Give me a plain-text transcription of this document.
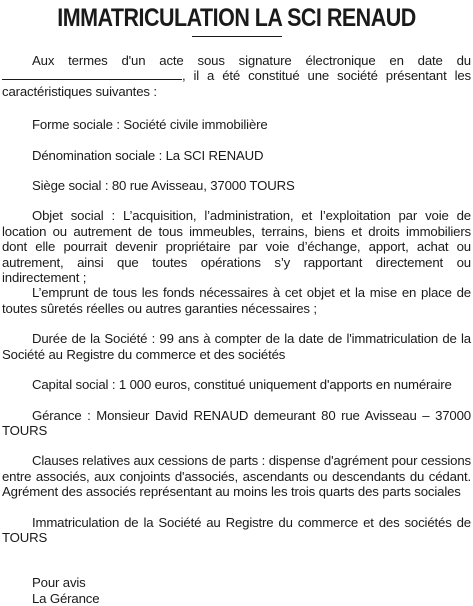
IMMATRICULATION LA SCI RENAUD

Aux termes d'un acte sous signature électronique en date du , il a été constitué une société présentant les caractéristiques suivantes :

Forme sociale : Société civile immobilière

Dénomination sociale : La SCI RENAUD

Siège social : 80 rue Avisseau, 37000 TOURS

Objet social : L’acquisition, l’administration, et l’exploitation par voie de location ou autrement de tous immeubles, terrains, biens et droits immobiliers dont elle pourrait devenir propriétaire par voie d’échange, apport, achat ou autrement, ainsi que toutes opérations s’y rapportant directement ou indirectement ;

L’emprunt de tous les fonds nécessaires à cet objet et la mise en place de toutes sûretés réelles ou autres garanties nécessaires ;

Durée de la Société : 99 ans à compter de la date de l'immatriculation de la Société au Registre du commerce et des sociétés

Capital social : 1 000 euros, constitué uniquement d'apports en numéraire

Gérance : Monsieur David RENAUD demeurant 80 rue Avisseau – 37000 TOURS

Clauses relatives aux cessions de parts : dispense d'agrément pour cessions entre associés, aux conjoints d'associés, ascendants ou descendants du cédant. Agrément des associés représentant au moins les trois quarts des parts sociales

Immatriculation de la Société au Registre du commerce et des sociétés de TOURS

Pour avis

La Gérance
